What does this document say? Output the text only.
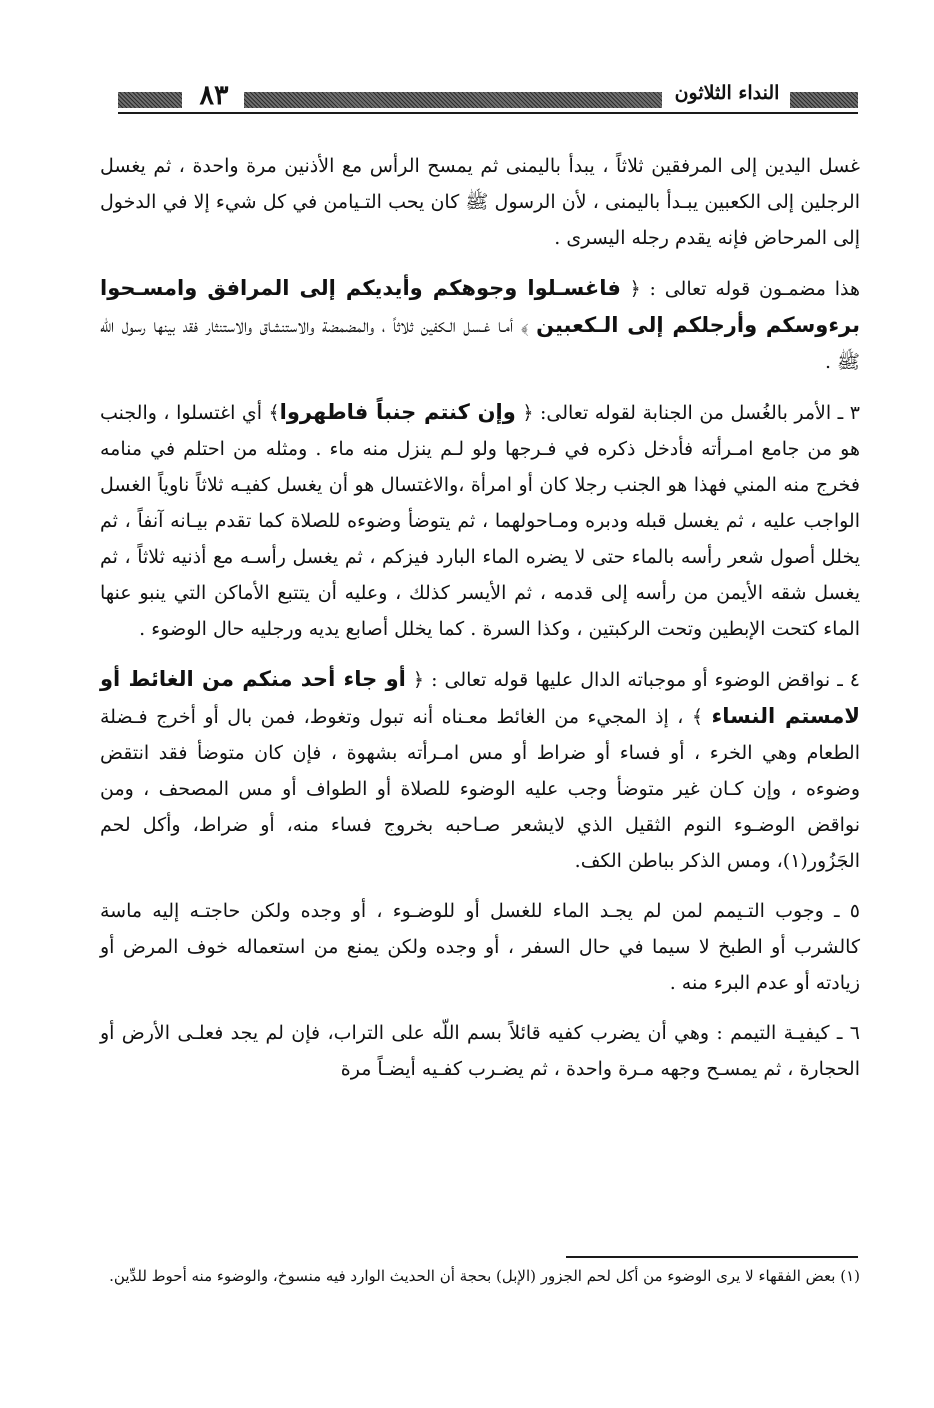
٨٣	النداء الثلاثون

غسل اليدين إلى المرفقين ثلاثاً ، يبدأ باليمنى ثم يمسح الرأس مع الأذنين مرة واحدة ، ثم يغسل الرجلين إلى الكعبين يبـدأ باليمنى ، لأن الرسول ﷺ كان يحب التـيامن في كل شيء إلا في الدخول إلى المرحاض فإنه يقدم رجله اليسرى .

هذا مضمـون قوله تعالى : ﴿ فاغسـلوا وجوهكم وأيديكم إلى المرافق وامسـحوا برءوسكم وأرجلكم إلى الـكعبين ﴾ أمـا غـسل الـكفين ثلاثاً ، والمضمضة والاستنشاق والاستنثار فقد بينها رسول الله ﷺ .

٣ ـ الأمر بالغُسل من الجنابة لقوله تعالى: ﴿ وإن كنتم جنباً فاطهروا﴾ أي اغتسلوا ، والجنب هو من جامع امـرأته فأدخل ذكره في فـرجها ولو لـم ينزل منه ماء . ومثله من احتلم في منامه فخرج منه المني فهذا هو الجنب رجلا كان أو امرأة ،والاغتسال هو أن يغسل كفيـه ثلاثاً ناوياً الغسل الواجب عليه ، ثم يغسل قبله ودبره ومـاحولهما ، ثم يتوضأ وضوءه للصلاة كما تقدم بيـانه آنفاً ، ثم يخلل أصول شعر رأسه بالماء حتى لا يضره الماء البارد فيزكم ، ثم يغسل رأسـه مع أذنيه ثلاثاً ، ثم يغسل شقه الأيمن من رأسه إلى قدمه ، ثم الأيسر كذلك ، وعليه أن يتتبع الأماكن التي ينبو عنها الماء كتحت الإبطين وتحت الركبتين ، وكذا السرة . كما يخلل أصابع يديه ورجليه حال الوضوء .

٤ ـ نواقض الوضوء أو موجباته الدال عليها قوله تعالى : ﴿ أو جاء أحد منكم من الغائط أو لامستم النساء ﴾ ، إذ المجيء من الغائط معـناه أنه تبول وتغوط، فمن بال أو أخرج فـضلة الطعام وهي الخرء ، أو فساء أو ضراط أو مس امـرأته بشهوة ، فإن كان متوضأ فقد انتقض وضوءه ، وإن كـان غير متوضأ وجب عليه الوضوء للصلاة أو الطواف أو مس المصحف ، ومن نواقض الوضـوء النوم الثقيل الذي لايشعر صـاحبه بخروج فساء منه، أو ضراط، وأكل لحم الجَزُور(١)، ومس الذكر بباطن الكف.

٥ ـ وجوب التـيمم لمن لم يجـد الماء للغسل أو للوضـوء ، أو وجده ولكن حاجتـه إليه ماسة كالشرب أو الطبخ لا سيما في حال السفر ، أو وجده ولكن يمنع من استعماله خوف المرض أو زيادته أو عدم البرء منه .

٦ ـ كيفيـة التيمم : وهي أن يضرب كفيه قائلاً بسم اللّه على التراب، فإن لم يجد فعلـى الأرض أو الحجارة ، ثم يمسـح وجهه مـرة واحدة ، ثم يضـرب كفـيه أيضـاً مرة

(١) بعض الفقهاء لا يرى الوضوء من أكل لحم الجزور (الإبل) بحجة أن الحديث الوارد فيه منسوخ، والوضوء منه أحوط للدِّين.
